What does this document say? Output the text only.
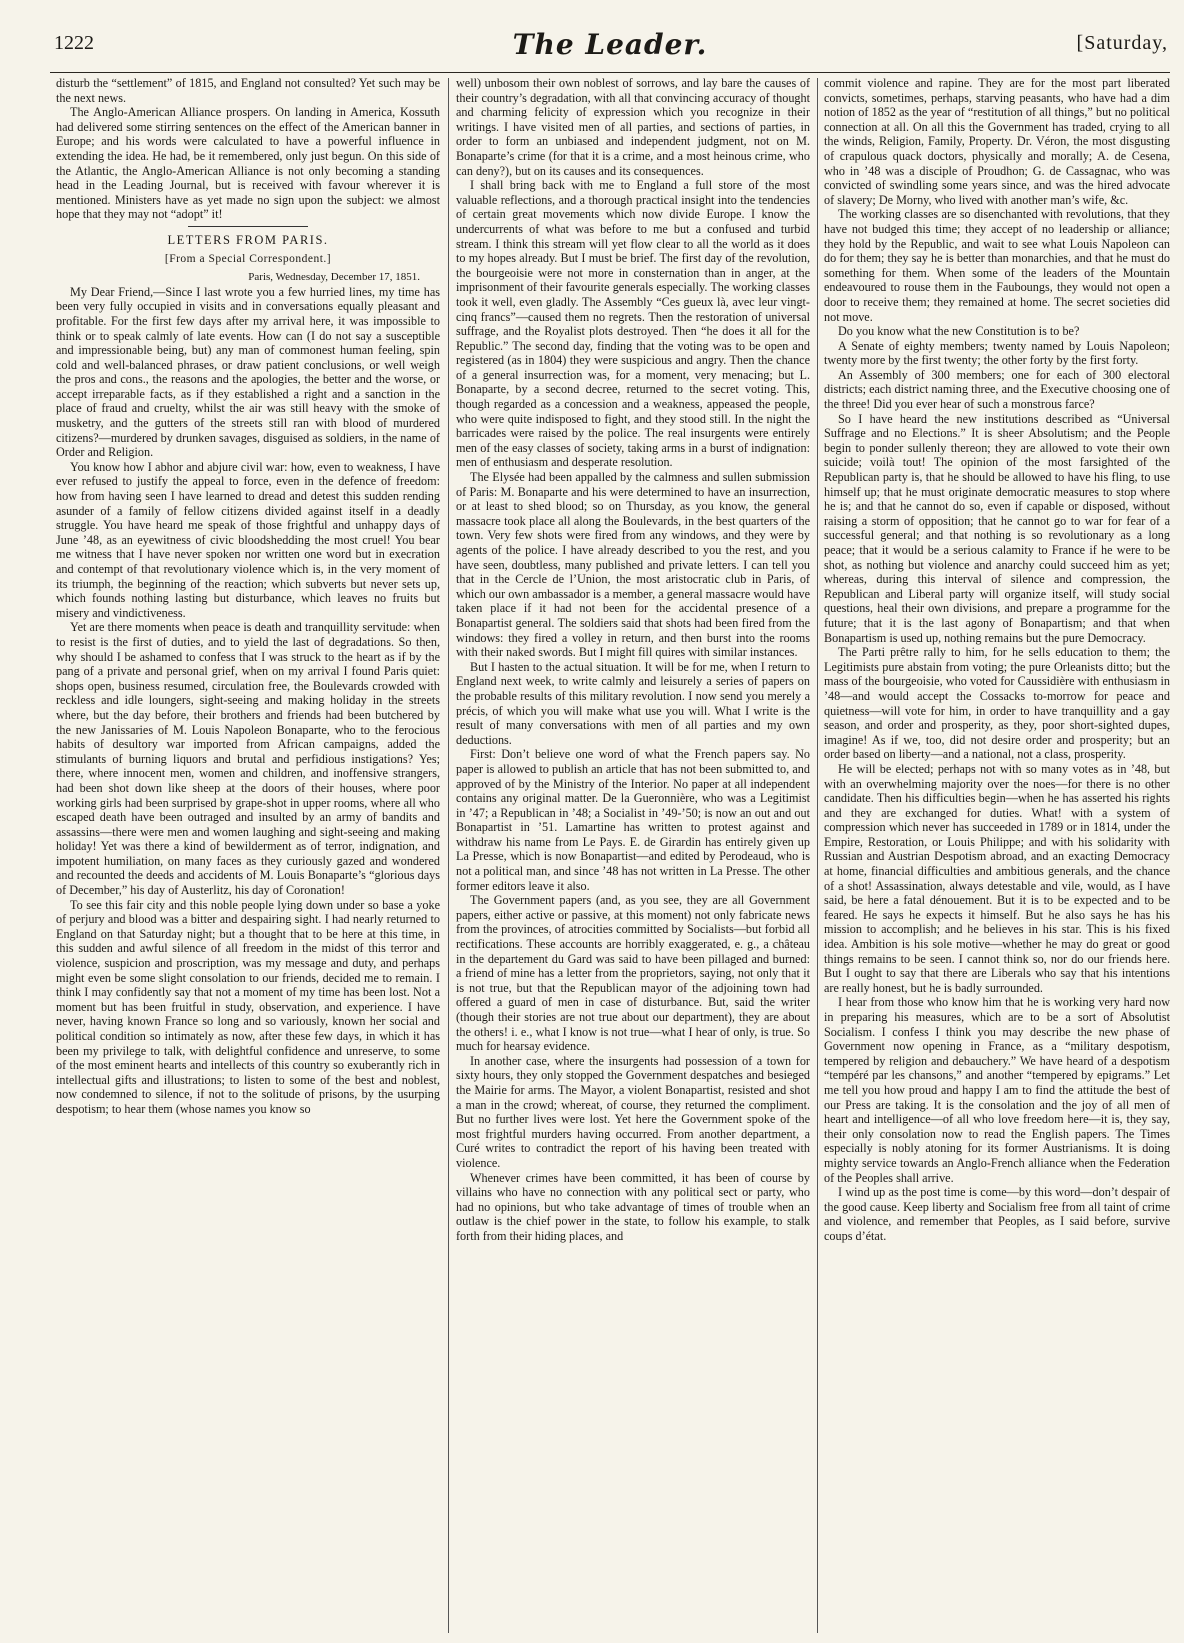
1222	The Leader.	[Saturday,

disturb the “settlement” of 1815, and England not consulted? Yet such may be the next news.

The Anglo-American Alliance prospers. On landing in America, Kossuth had delivered some stirring sentences on the effect of the American banner in Europe; and his words were calculated to have a powerful influence in extending the idea. He had, be it remembered, only just begun. On this side of the Atlantic, the Anglo-American Alliance is not only becoming a standing head in the Leading Journal, but is received with favour wherever it is mentioned. Ministers have as yet made no sign upon the subject: we almost hope that they may not “adopt” it!

LETTERS FROM PARIS.

[From a Special Correspondent.]

Paris, Wednesday, December 17, 1851.

My Dear Friend,—Since I last wrote you a few hurried lines, my time has been very fully occupied in visits and in conversations equally pleasant and profitable. For the first few days after my arrival here, it was impossible to think or to speak calmly of late events. How can (I do not say a susceptible and impressionable being, but) any man of commonest human feeling, spin cold and well-balanced phrases, or draw patient conclusions, or well weigh the pros and cons., the reasons and the apologies, the better and the worse, or accept irreparable facts, as if they established a right and a sanction in the place of fraud and cruelty, whilst the air was still heavy with the smoke of musketry, and the gutters of the streets still ran with blood of murdered citizens?—murdered by drunken savages, disguised as soldiers, in the name of Order and Religion.

You know how I abhor and abjure civil war: how, even to weakness, I have ever refused to justify the appeal to force, even in the defence of freedom: how from having seen I have learned to dread and detest this sudden rending asunder of a family of fellow citizens divided against itself in a deadly struggle. You have heard me speak of those frightful and unhappy days of June ’48, as an eyewitness of civic bloodshedding the most cruel! You bear me witness that I have never spoken nor written one word but in execration and contempt of that revolutionary violence which is, in the very moment of its triumph, the beginning of the reaction; which subverts but never sets up, which founds nothing lasting but disturbance, which leaves no fruits but misery and vindictiveness.

Yet are there moments when peace is death and tranquillity servitude: when to resist is the first of duties, and to yield the last of degradations. So then, why should I be ashamed to confess that I was struck to the heart as if by the pang of a private and personal grief, when on my arrival I found Paris quiet: shops open, business resumed, circulation free, the Boulevards crowded with reckless and idle loungers, sight-seeing and making holiday in the streets where, but the day before, their brothers and friends had been butchered by the new Janissaries of M. Louis Napoleon Bonaparte, who to the ferocious habits of desultory war imported from African campaigns, added the stimulants of burning liquors and brutal and perfidious instigations? Yes; there, where innocent men, women and children, and inoffensive strangers, had been shot down like sheep at the doors of their houses, where poor working girls had been surprised by grape-shot in upper rooms, where all who escaped death have been outraged and insulted by an army of bandits and assassins—there were men and women laughing and sight-seeing and making holiday! Yet was there a kind of bewilderment as of terror, indignation, and impotent humiliation, on many faces as they curiously gazed and wondered and recounted the deeds and accidents of M. Louis Bonaparte’s “glorious days of December,” his day of Austerlitz, his day of Coronation!

To see this fair city and this noble people lying down under so base a yoke of perjury and blood was a bitter and despairing sight. I had nearly returned to England on that Saturday night; but a thought that to be here at this time, in this sudden and awful silence of all freedom in the midst of this terror and violence, suspicion and proscription, was my message and duty, and perhaps might even be some slight consolation to our friends, decided me to remain. I think I may confidently say that not a moment of my time has been lost. Not a moment but has been fruitful in study, observation, and experience. I have never, having known France so long and so variously, known her social and political condition so intimately as now, after these few days, in which it has been my privilege to talk, with delightful confidence and unreserve, to some of the most eminent hearts and intellects of this country so exuberantly rich in intellectual gifts and illustrations; to listen to some of the best and noblest, now condemned to silence, if not to the solitude of prisons, by the usurping despotism; to hear them (whose names you know so

well) unbosom their own noblest of sorrows, and lay bare the causes of their country’s degradation, with all that convincing accuracy of thought and charming felicity of expression which you recognize in their writings. I have visited men of all parties, and sections of parties, in order to form an unbiased and independent judgment, not on M. Bonaparte’s crime (for that it is a crime, and a most heinous crime, who can deny?), but on its causes and its consequences.

I shall bring back with me to England a full store of the most valuable reflections, and a thorough practical insight into the tendencies of certain great movements which now divide Europe. I know the undercurrents of what was before to me but a confused and turbid stream. I think this stream will yet flow clear to all the world as it does to my hopes already. But I must be brief. The first day of the revolution, the bourgeoisie were not more in consternation than in anger, at the imprisonment of their favourite generals especially. The working classes took it well, even gladly. The Assembly “Ces gueux là, avec leur vingt-cinq francs”—caused them no regrets. Then the restoration of universal suffrage, and the Royalist plots destroyed. Then “he does it all for the Republic.” The second day, finding that the voting was to be open and registered (as in 1804) they were suspicious and angry. Then the chance of a general insurrection was, for a moment, very menacing; but L. Bonaparte, by a second decree, returned to the secret voting. This, though regarded as a concession and a weakness, appeased the people, who were quite indisposed to fight, and they stood still. In the night the barricades were raised by the police. The real insurgents were entirely men of the easy classes of society, taking arms in a burst of indignation: men of enthusiasm and desperate resolution.

The Elysée had been appalled by the calmness and sullen submission of Paris: M. Bonaparte and his were determined to have an insurrection, or at least to shed blood; so on Thursday, as you know, the general massacre took place all along the Boulevards, in the best quarters of the town. Very few shots were fired from any windows, and they were by agents of the police. I have already described to you the rest, and you have seen, doubtless, many published and private letters. I can tell you that in the Cercle de l’Union, the most aristocratic club in Paris, of which our own ambassador is a member, a general massacre would have taken place if it had not been for the accidental presence of a Bonapartist general. The soldiers said that shots had been fired from the windows: they fired a volley in return, and then burst into the rooms with their naked swords. But I might fill quires with similar instances.

But I hasten to the actual situation. It will be for me, when I return to England next week, to write calmly and leisurely a series of papers on the probable results of this military revolution. I now send you merely a précis, of which you will make what use you will. What I write is the result of many conversations with men of all parties and my own deductions.

First: Don’t believe one word of what the French papers say. No paper is allowed to publish an article that has not been submitted to, and approved of by the Ministry of the Interior. No paper at all independent contains any original matter. De la Gueronnière, who was a Legitimist in ’47; a Republican in ’48; a Socialist in ’49-’50; is now an out and out Bonapartist in ’51. Lamartine has written to protest against and withdraw his name from Le Pays. E. de Girardin has entirely given up La Presse, which is now Bonapartist—and edited by Perodeaud, who is not a political man, and since ’48 has not written in La Presse. The other former editors leave it also.

The Government papers (and, as you see, they are all Government papers, either active or passive, at this moment) not only fabricate news from the provinces, of atrocities committed by Socialists—but forbid all rectifications. These accounts are horribly exaggerated, e. g., a château in the departement du Gard was said to have been pillaged and burned: a friend of mine has a letter from the proprietors, saying, not only that it is not true, but that the Republican mayor of the adjoining town had offered a guard of men in case of disturbance. But, said the writer (though their stories are not true about our department), they are about the others! i. e., what I know is not true—what I hear of only, is true. So much for hearsay evidence.

In another case, where the insurgents had possession of a town for sixty hours, they only stopped the Government despatches and besieged the Mairie for arms. The Mayor, a violent Bonapartist, resisted and shot a man in the crowd; whereat, of course, they returned the compliment. But no further lives were lost. Yet here the Government spoke of the most frightful murders having occurred. From another department, a Curé writes to contradict the report of his having been treated with violence.

Whenever crimes have been committed, it has been of course by villains who have no connection with any political sect or party, who had no opinions, but who take advantage of times of trouble when an outlaw is the chief power in the state, to follow his example, to stalk forth from their hiding places, and

commit violence and rapine. They are for the most part liberated convicts, sometimes, perhaps, starving peasants, who have had a dim notion of 1852 as the year of “restitution of all things,” but no political connection at all. On all this the Government has traded, crying to all the winds, Religion, Family, Property. Dr. Véron, the most disgusting of crapulous quack doctors, physically and morally; A. de Cesena, who in ’48 was a disciple of Proudhon; G. de Cassagnac, who was convicted of swindling some years since, and was the hired advocate of slavery; De Morny, who lived with another man’s wife, &c.

The working classes are so disenchanted with revolutions, that they have not budged this time; they accept of no leadership or alliance; they hold by the Republic, and wait to see what Louis Napoleon can do for them; they say he is better than monarchies, and that he must do something for them. When some of the leaders of the Mountain endeavoured to rouse them in the Fauboungs, they would not open a door to receive them; they remained at home. The secret societies did not move.

Do you know what the new Constitution is to be?

A Senate of eighty members; twenty named by Louis Napoleon; twenty more by the first twenty; the other forty by the first forty.

An Assembly of 300 members; one for each of 300 electoral districts; each district naming three, and the Executive choosing one of the three! Did you ever hear of such a monstrous farce?

So I have heard the new institutions described as “Universal Suffrage and no Elections.” It is sheer Absolutism; and the People begin to ponder sullenly thereon; they are allowed to vote their own suicide; voilà tout! The opinion of the most farsighted of the Republican party is, that he should be allowed to have his fling, to use himself up; that he must originate democratic measures to stop where he is; and that he cannot do so, even if capable or disposed, without raising a storm of opposition; that he cannot go to war for fear of a successful general; and that nothing is so revolutionary as a long peace; that it would be a serious calamity to France if he were to be shot, as nothing but violence and anarchy could succeed him as yet; whereas, during this interval of silence and compression, the Republican and Liberal party will organize itself, will study social questions, heal their own divisions, and prepare a programme for the future; that it is the last agony of Bonapartism; and that when Bonapartism is used up, nothing remains but the pure Democracy.

The Parti prêtre rally to him, for he sells education to them; the Legitimists pure abstain from voting; the pure Orleanists ditto; but the mass of the bourgeoisie, who voted for Caussidière with enthusiasm in ’48—and would accept the Cossacks to-morrow for peace and quietness—will vote for him, in order to have tranquillity and a gay season, and order and prosperity, as they, poor short-sighted dupes, imagine! As if we, too, did not desire order and prosperity; but an order based on liberty—and a national, not a class, prosperity.

He will be elected; perhaps not with so many votes as in ’48, but with an overwhelming majority over the noes—for there is no other candidate. Then his difficulties begin—when he has asserted his rights and they are exchanged for duties. What! with a system of compression which never has succeeded in 1789 or in 1814, under the Empire, Restoration, or Louis Philippe; and with his solidarity with Russian and Austrian Despotism abroad, and an exacting Democracy at home, financial difficulties and ambitious generals, and the chance of a shot! Assassination, always detestable and vile, would, as I have said, be here a fatal dénouement. But it is to be expected and to be feared. He says he expects it himself. But he also says he has his mission to accomplish; and he believes in his star. This is his fixed idea. Ambition is his sole motive—whether he may do great or good things remains to be seen. I cannot think so, nor do our friends here. But I ought to say that there are Liberals who say that his intentions are really honest, but he is badly surrounded.

I hear from those who know him that he is working very hard now in preparing his measures, which are to be a sort of Absolutist Socialism. I confess I think you may describe the new phase of Government now opening in France, as a “military despotism, tempered by religion and debauchery.” We have heard of a despotism “tempéré par les chansons,” and another “tempered by epigrams.” Let me tell you how proud and happy I am to find the attitude the best of our Press are taking. It is the consolation and the joy of all men of heart and intelligence—of all who love freedom here—it is, they say, their only consolation now to read the English papers. The Times especially is nobly atoning for its former Austrianisms. It is doing mighty service towards an Anglo-French alliance when the Federation of the Peoples shall arrive.

I wind up as the post time is come—by this word—don’t despair of the good cause. Keep liberty and Socialism free from all taint of crime and violence, and remember that Peoples, as I said before, survive coups d’état.
